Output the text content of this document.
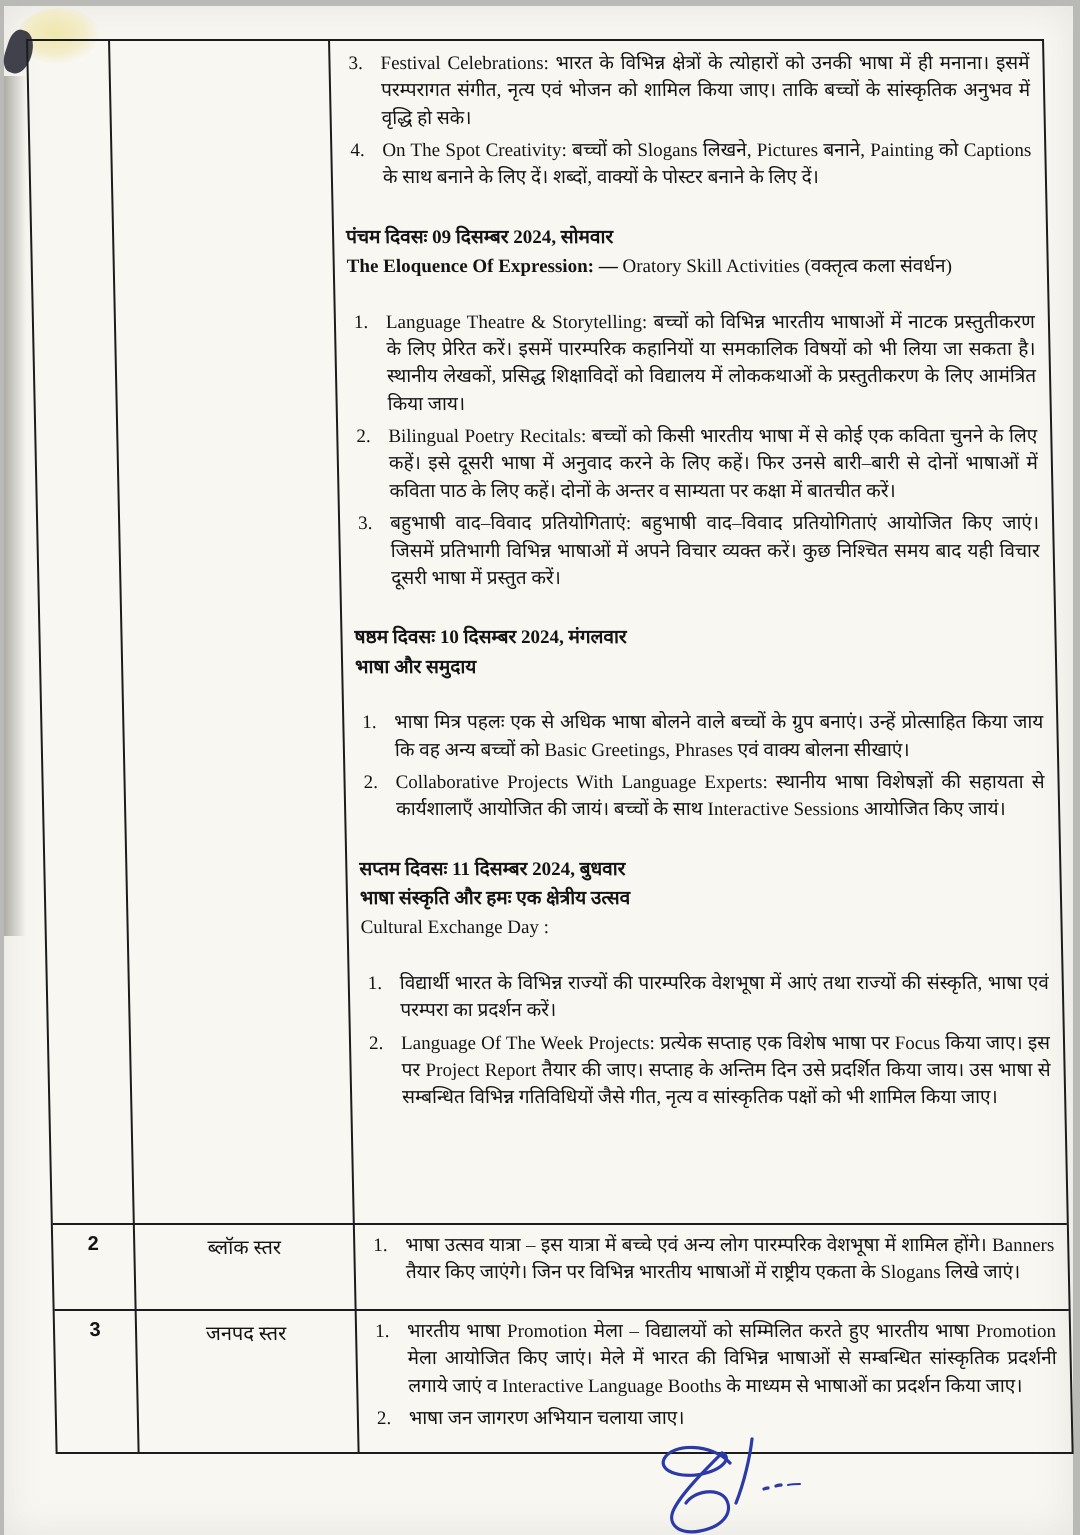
3. Festival Celebrations: भारत के विभिन्न क्षेत्रों के त्योहारों को उनकी भाषा में ही मनाना। इसमें परम्परागत संगीत, नृत्य एवं भोजन को शामिल किया जाए। ताकि बच्चों के सांस्कृतिक अनुभव में वृद्धि हो सके।
4. On The Spot Creativity: बच्चों को Slogans लिखने, Pictures बनाने, Painting को Captions के साथ बनाने के लिए दें। शब्दों, वाक्यों के पोस्टर बनाने के लिए दें।
पंचम दिवसः 09 दिसम्बर 2024, सोमवार
The Eloquence Of Expression: — Oratory Skill Activities (वक्तृत्व कला संवर्धन)
1. Language Theatre & Storytelling: बच्चों को विभिन्न भारतीय भाषाओं में नाटक प्रस्तुतीकरण के लिए प्रेरित करें। इसमें पारम्परिक कहानियों या समकालिक विषयों को भी लिया जा सकता है। स्थानीय लेखकों, प्रसिद्ध शिक्षाविदों को विद्यालय में लोककथाओं के प्रस्तुतीकरण के लिए आमंत्रित किया जाय।
2. Bilingual Poetry Recitals: बच्चों को किसी भारतीय भाषा में से कोई एक कविता चुनने के लिए कहें। इसे दूसरी भाषा में अनुवाद करने के लिए कहें। फिर उनसे बारी–बारी से दोनों भाषाओं में कविता पाठ के लिए कहें। दोनों के अन्तर व साम्यता पर कक्षा में बातचीत करें।
3. बहुभाषी वाद–विवाद प्रतियोगिताएं: बहुभाषी वाद–विवाद प्रतियोगिताएं आयोजित किए जाएं। जिसमें प्रतिभागी विभिन्न भाषाओं में अपने विचार व्यक्त करें। कुछ निश्चित समय बाद यही विचार दूसरी भाषा में प्रस्तुत करें।
षष्ठम दिवसः 10 दिसम्बर 2024, मंगलवार
भाषा और समुदाय
1. भाषा मित्र पहलः एक से अधिक भाषा बोलने वाले बच्चों के ग्रुप बनाएं। उन्हें प्रोत्साहित किया जाय कि वह अन्य बच्चों को Basic Greetings, Phrases एवं वाक्य बोलना सीखाएं।
2. Collaborative Projects With Language Experts: स्थानीय भाषा विशेषज्ञों की सहायता से कार्यशालाएँ आयोजित की जायं। बच्चों के साथ Interactive Sessions आयोजित किए जायं।
सप्तम दिवसः 11 दिसम्बर 2024, बुधवार
भाषा संस्कृति और हमः एक क्षेत्रीय उत्सव
Cultural Exchange Day :
1. विद्यार्थी भारत के विभिन्न राज्यों की पारम्परिक वेशभूषा में आएं तथा राज्यों की संस्कृति, भाषा एवं परम्परा का प्रदर्शन करें।
2. Language Of The Week Projects: प्रत्येक सप्ताह एक विशेष भाषा पर Focus किया जाए। इस पर Project Report तैयार की जाए। सप्ताह के अन्तिम दिन उसे प्रदर्शित किया जाय। उस भाषा से सम्बन्धित विभिन्न गतिविधियों जैसे गीत, नृत्य व सांस्कृतिक पक्षों को भी शामिल किया जाए।
2	ब्लॉक स्तर	1. भाषा उत्सव यात्रा – इस यात्रा में बच्चे एवं अन्य लोग पारम्परिक वेशभूषा में शामिल होंगे। Banners तैयार किए जाएंगे। जिन पर विभिन्न भारतीय भाषाओं में राष्ट्रीय एकता के Slogans लिखे जाएं।
3	जनपद स्तर	1. भारतीय भाषा Promotion मेला – विद्यालयों को सम्मिलित करते हुए भारतीय भाषा Promotion मेला आयोजित किए जाएं। मेले में भारत की विभिन्न भाषाओं से सम्बन्धित सांस्कृतिक प्रदर्शनी लगाये जाएं व Interactive Language Booths के माध्यम से भाषाओं का प्रदर्शन किया जाए।
2. भाषा जन जागरण अभियान चलाया जाए।
